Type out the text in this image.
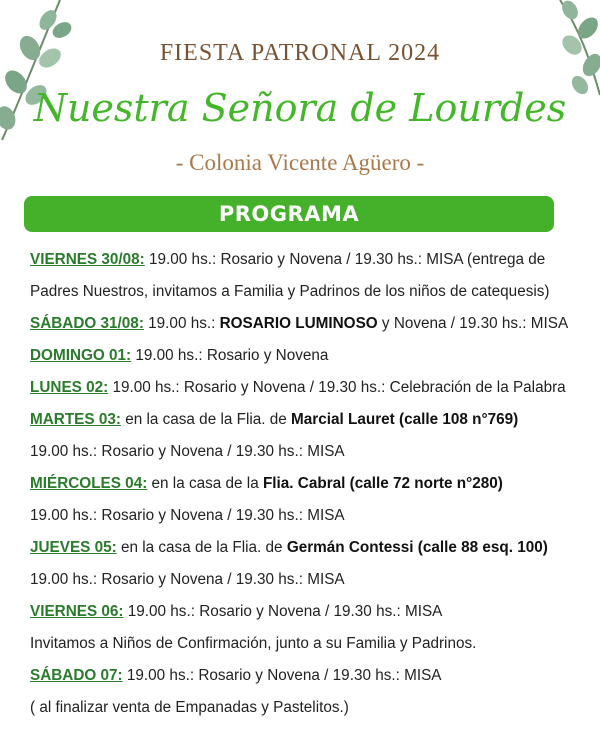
FIESTA PATRONAL 2024
Nuestra Señora de Lourdes
- Colonia Vicente Agüero -
PROGRAMA
VIERNES 30/08: 19.00 hs.: Rosario y Novena / 19.30 hs.: MISA (entrega de
Padres Nuestros, invitamos a Familia y Padrinos de los niños de catequesis)
SÁBADO 31/08: 19.00 hs.: ROSARIO LUMINOSO y Novena / 19.30 hs.: MISA
DOMINGO 01: 19.00 hs.: Rosario y Novena
LUNES 02: 19.00 hs.: Rosario y Novena / 19.30 hs.: Celebración de la Palabra
MARTES 03: en la casa de la Flia. de Marcial Lauret (calle 108 n°769)
19.00 hs.: Rosario y Novena / 19.30 hs.: MISA
MIÉRCOLES 04: en la casa de la Flia. Cabral (calle 72 norte n°280)
19.00 hs.: Rosario y Novena / 19.30 hs.: MISA
JUEVES 05: en la casa de la Flia. de Germán Contessi (calle 88 esq. 100)
19.00 hs.: Rosario y Novena / 19.30 hs.: MISA
VIERNES 06: 19.00 hs.: Rosario y Novena / 19.30 hs.: MISA
Invitamos a Niños de Confirmación, junto a su Familia y Padrinos.
SÁBADO 07: 19.00 hs.: Rosario y Novena / 19.30 hs.: MISA
( al finalizar venta de Empanadas y Pastelitos.)
